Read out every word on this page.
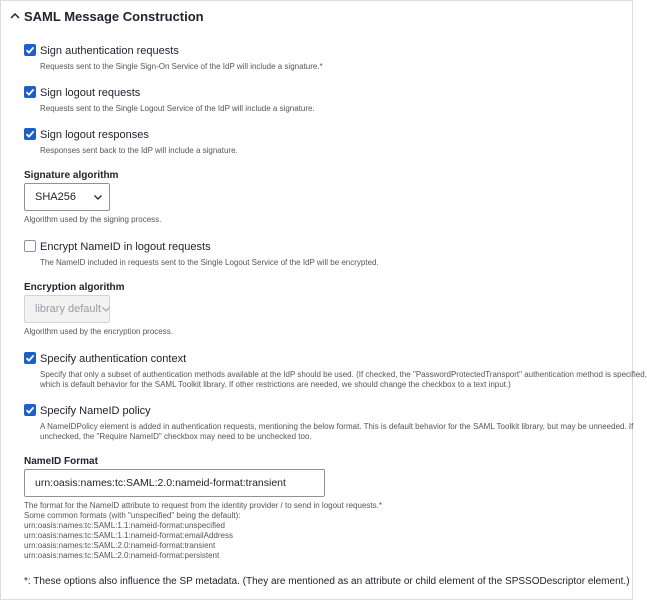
SAML Message Construction
Sign authentication requests
Requests sent to the Single Sign-On Service of the IdP will include a signature.*
Sign logout requests
Requests sent to the Single Logout Service of the IdP will include a signature.
Sign logout responses
Responses sent back to the IdP will include a signature.
Signature algorithm
SHA256
Algorithm used by the signing process.
Encrypt NameID in logout requests
The NameID included in requests sent to the Single Logout Service of the IdP will be encrypted.
Encryption algorithm
library default
Algorithm used by the encryption process.
Specify authentication context
Specify that only a subset of authentication methods available at the IdP should be used. (If checked, the "PasswordProtectedTransport" authentication method is specified,
which is default behavior for the SAML Toolkit library. If other restrictions are needed, we should change the checkbox to a text input.)
Specify NameID policy
A NameIDPolicy element is added in authentication requests, mentioning the below format. This is default behavior for the SAML Toolkit library, but may be unneeded. If
unchecked, the "Require NameID" checkbox may need to be unchecked too.
NameID Format
urn:oasis:names:tc:SAML:2.0:nameid-format:transient
The format for the NameID attribute to request from the identity provider / to send in logout requests.*
Some common formats (with "unspecified" being the default):
urn:oasis:names:tc:SAML:1.1:nameid-format:unspecified
urn:oasis:names:tc:SAML:1.1:nameid-format:emailAddress
urn:oasis:names:tc:SAML:2.0:nameid-format:transient
urn:oasis:names:tc:SAML:2.0:nameid-format:persistent
*: These options also influence the SP metadata. (They are mentioned as an attribute or child element of the SPSSODescriptor element.)
